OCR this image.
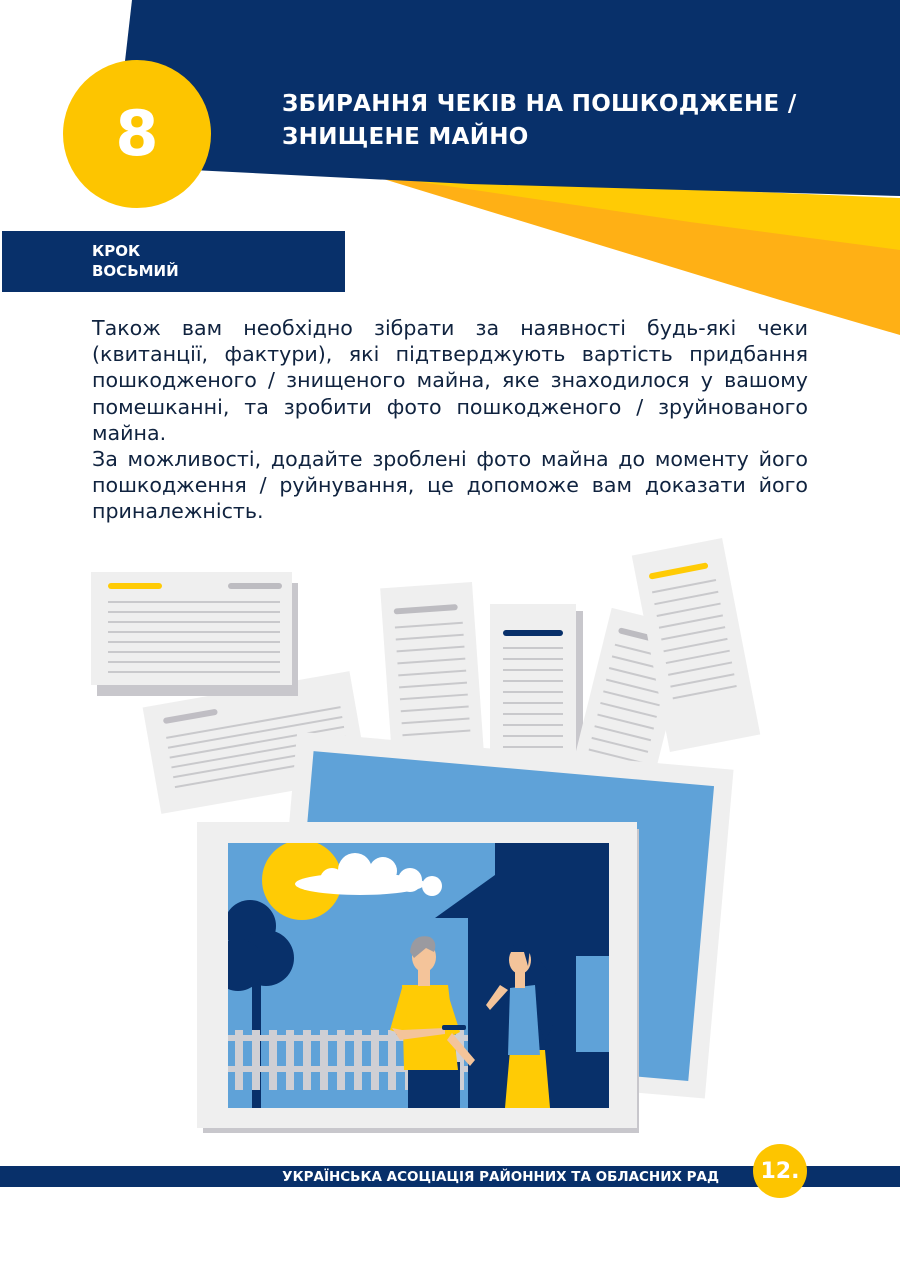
8	ЗБИРАННЯ ЧЕКІВ НА ПОШКОДЖЕНЕ /
ЗНИЩЕНЕ МАЙНО
КРОК
ВОСЬМИЙ

Також вам необхідно зібрати за наявності будь-які чеки (квитанції, фактури), які підтверджують вартість придбання пошкодженого / знищеного майна, яке знаходилося у вашому помешканні, та зробити фото пошкодженого / зруйнованого майна.

За можливості, додайте зроблені фото майна до моменту його пошкодження / руйнування, це допоможе вам доказати його приналежність.

УКРАЇНСЬКА АСОЦІАЦІЯ РАЙОННИХ ТА ОБЛАСНИХ РАД 12.
